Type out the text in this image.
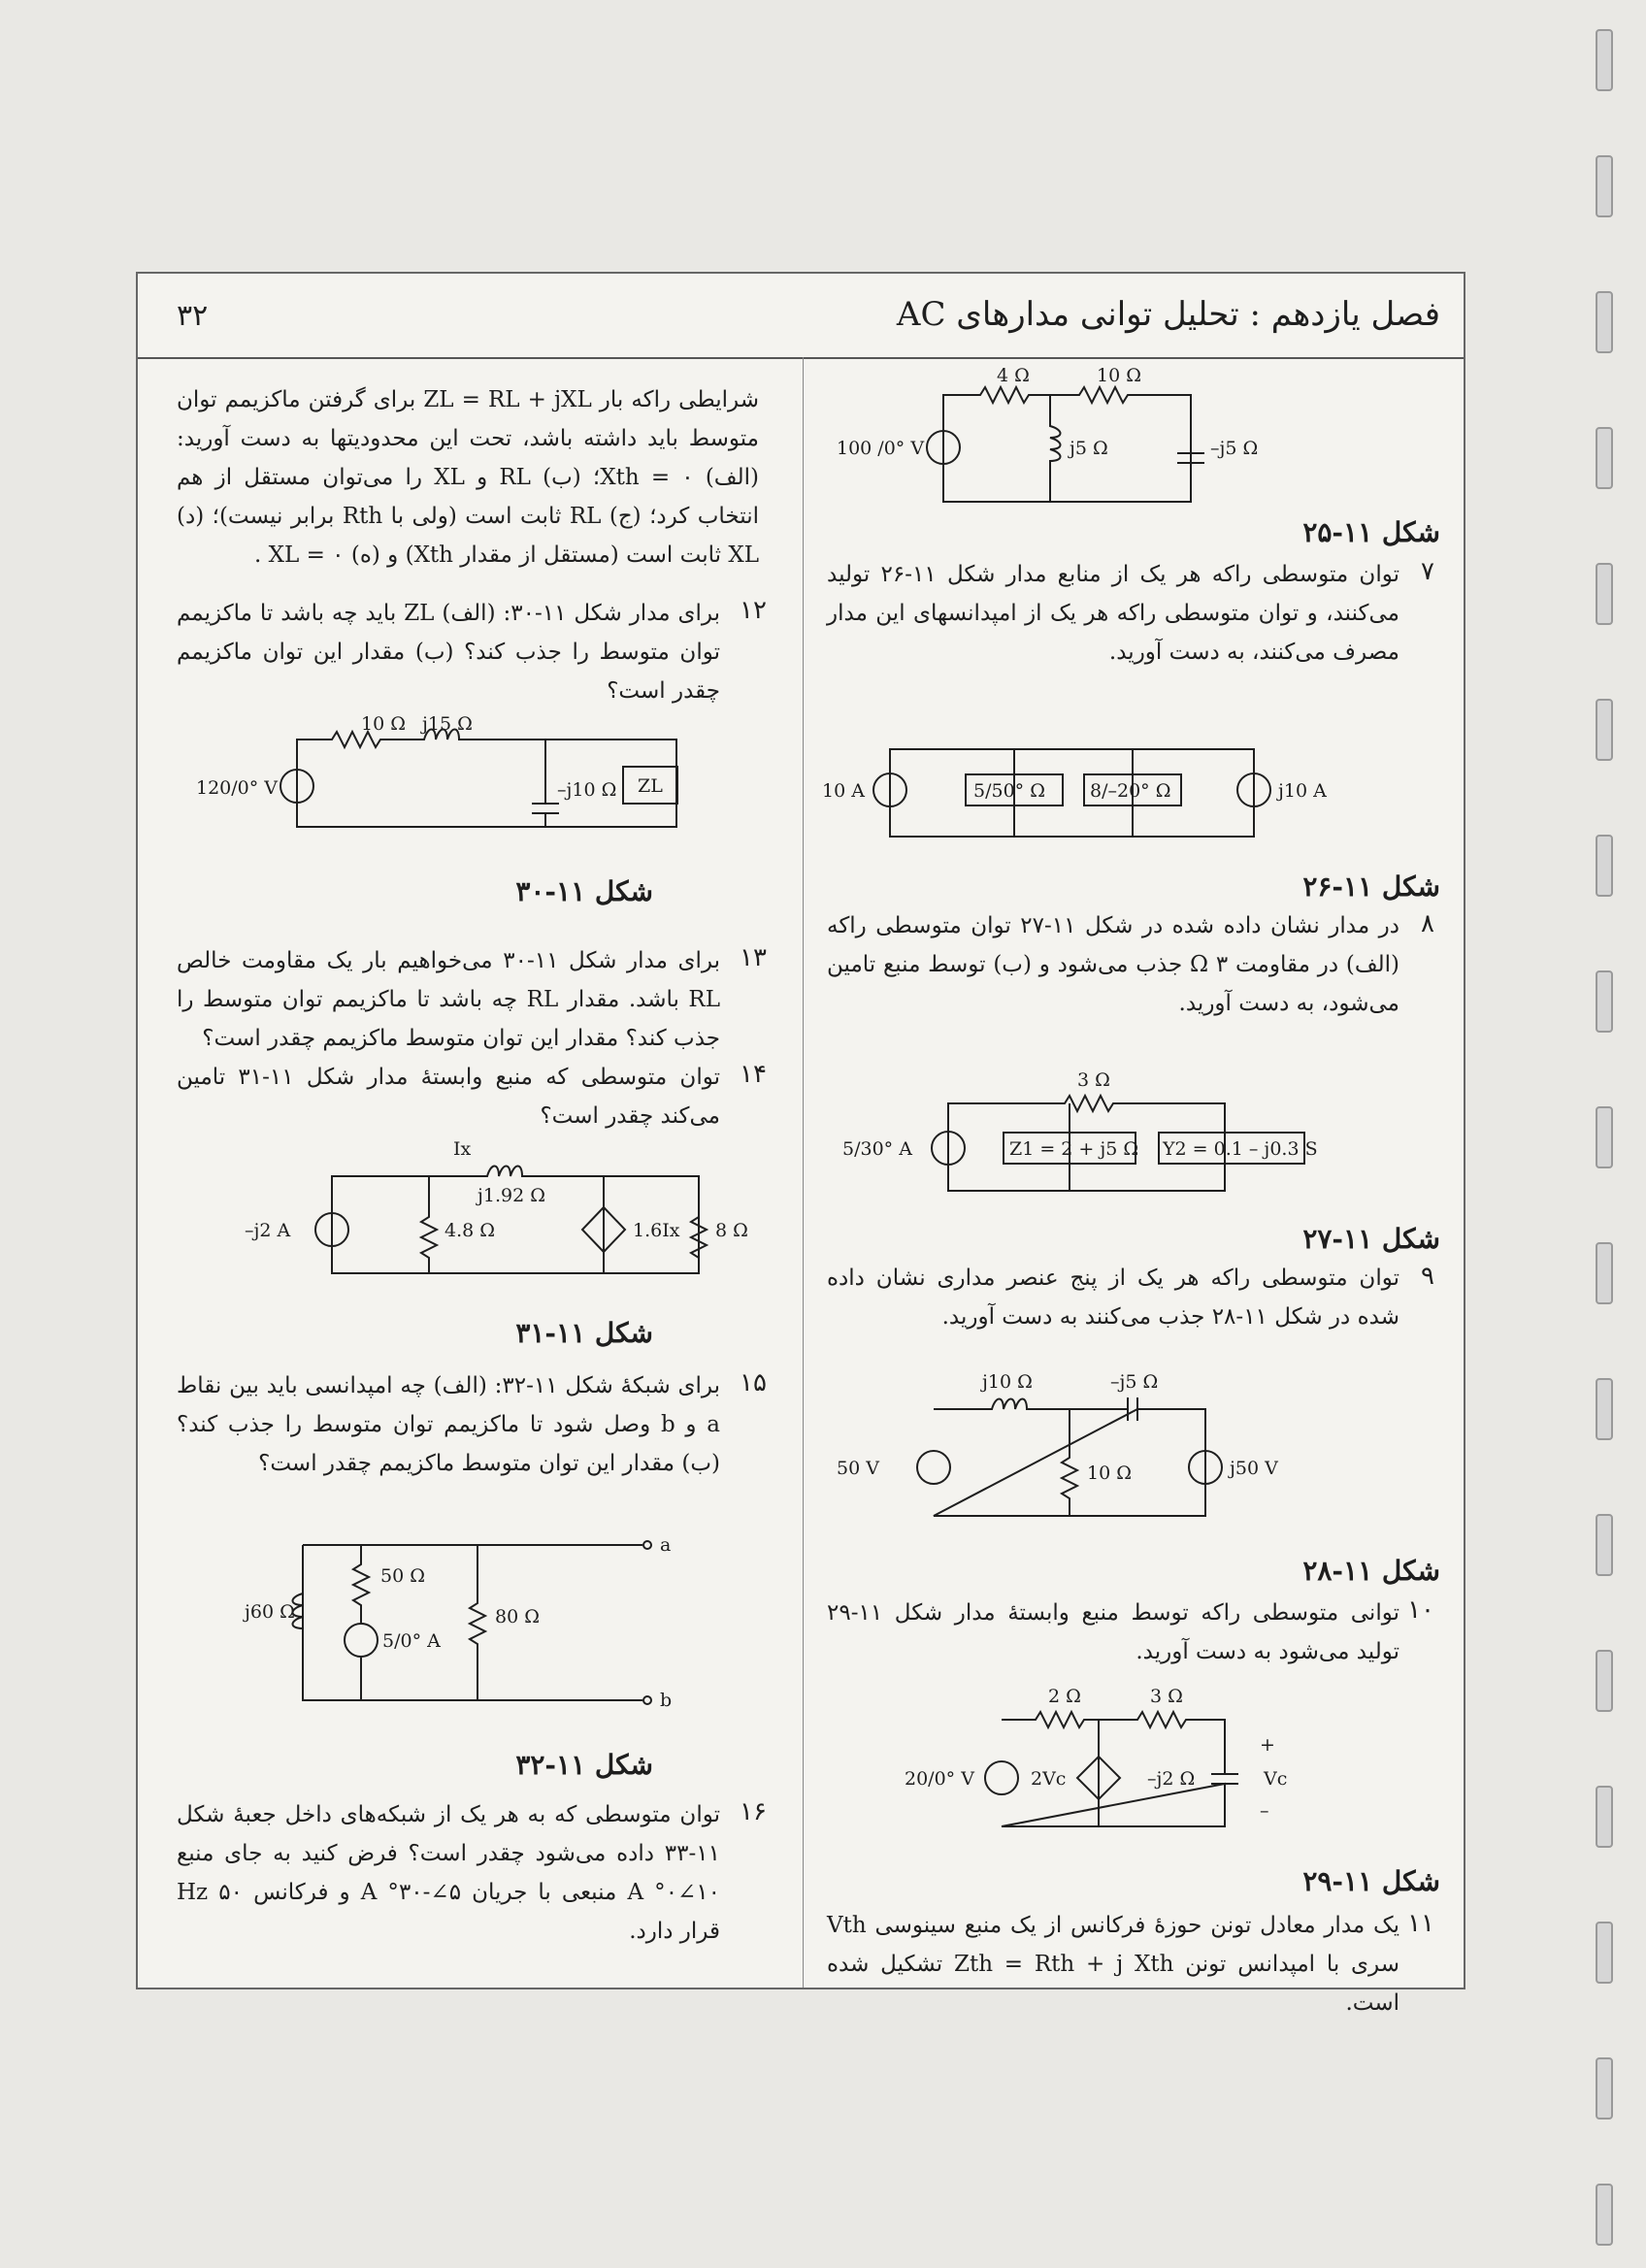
۳۲	فصل یازدهم : تحلیل توانی مدارهای AC
شرایطی راکه بار ZL = RL + jXL برای گرفتن ماکزیمم توان متوسط باید داشته باشد، تحت این محدودیتها به دست آورید: (الف) Xth = ۰؛ (ب) RL و XL را می‌توان مستقل از هم انتخاب کرد؛ (ج) RL ثابت است (ولی با Rth برابر نیست)؛ (د) XL ثابت است (مستقل از مقدار Xth) و (ه) XL = ۰ .
۱۲
برای مدار شکل ۱۱-۳۰: (الف) ZL باید چه باشد تا ماکزیمم توان متوسط را جذب کند؟ (ب) مقدار این توان ماکزیمم چقدر است؟
120/0° V
10 Ω j15 Ω
–j10 Ω ZL
شکل ۱۱-۳۰
۱۳
برای مدار شکل ۱۱-۳۰ می‌خواهیم بار یک مقاومت خالص RL باشد. مقدار RL چه باشد تا ماکزیمم توان متوسط را جذب کند؟ مقدار این توان متوسط ماکزیمم چقدر است؟
۱۴
توان متوسطی که منبع وابستهٔ مدار شکل ۱۱-۳۱ تامین می‌کند چقدر است؟
–j2 A
Ix
j1.92 Ω
4.8 Ω	1.6Ix 8 Ω
شکل ۱۱-۳۱
۱۵
برای شبکهٔ شکل ۱۱-۳۲: (الف) چه امپدانسی باید بین نقاط a و b وصل شود تا ماکزیمم توان متوسط را جذب کند؟ (ب) مقدار این توان متوسط ماکزیمم چقدر است؟
j60 Ω
50 Ω
5/0° A
80 Ω
a
b
شکل ۱۱-۳۲
۱۶
توان متوسطی که به هر یک از شبکه‌های داخل جعبهٔ شکل ۱۱-۳۳ داده می‌شود چقدر است؟ فرض کنید به جای منبع ۱۰∠۰° A منبعی با جریان ۵∠-۳۰° A و فرکانس ۵۰ Hz قرار دارد.
100 /0° V
4 Ω	10 Ω
j5 Ω	–j5 Ω
شکل ۱۱-۲۵
۷
توان متوسطی راکه هر یک از منابع مدار شکل ۱۱-۲۶ تولید می‌کنند، و توان متوسطی راکه هر یک از امپدانسهای این مدار مصرف می‌کنند، به دست آورید.
10 A	5/50° Ω 8/–20° Ω	j10 A
شکل ۱۱-۲۶
۸
در مدار نشان داده شده در شکل ۱۱-۲۷ توان متوسطی راکه (الف) در مقاومت Ω ۳ جذب می‌شود و (ب) توسط منبع تامین می‌شود، به دست آورید.
5/30° A
3 Ω
Z1 = 2 + j5 Ω Y2 = 0.1 – j0.3 S
شکل ۱۱-۲۷
۹
توان متوسطی راکه هر یک از پنج عنصر مداری نشان داده شده در شکل ۱۱-۲۸ جذب می‌کنند به دست آورید.
50 V
j10 Ω	–j5 Ω
10 Ω	j50 V
شکل ۱۱-۲۸
۱۰
توانی متوسطی راکه توسط منبع وابستهٔ مدار شکل ۱۱-۲۹ تولید می‌شود به دست آورید.
20/0° V
2 Ω	3 Ω
2Vc	–j2 Ω
+
Vc
–
شکل ۱۱-۲۹
۱۱
یک مدار معادل تونن حوزهٔ فرکانس از یک منبع سینوسی Vth سری با امپدانس تونن Zth = Rth + j Xth تشکیل شده است.
